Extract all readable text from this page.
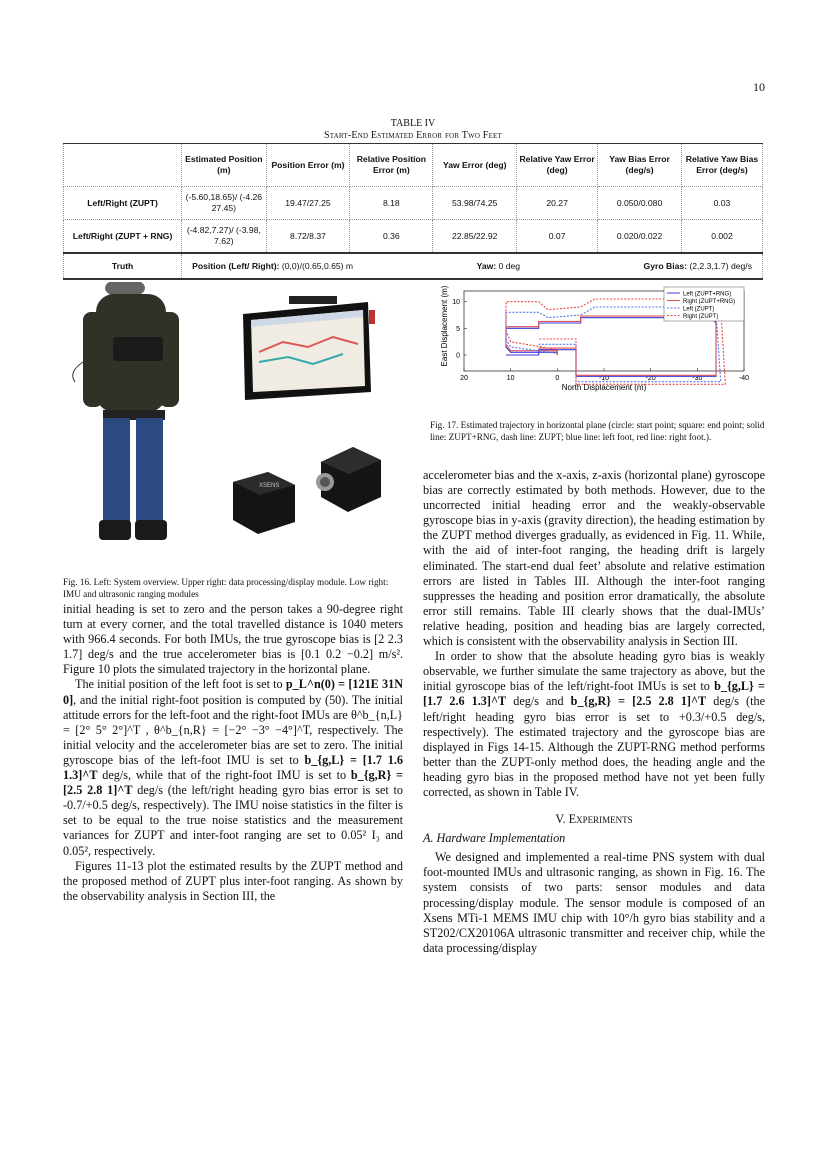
10
TABLE IV
Start-End Estimated Error for Two Feet
	Estimated Position (m)	Position Error (m)	Relative Position Error (m)	Yaw Error (deg)	Relative Yaw Error (deg)	Yaw Bias Error (deg/s)	Relative Yaw Bias Error (deg/s)
Left/Right (ZUPT)	(-5.60,18.65)/ (-4.26 27.45)	19.47/27.25	8.18	53.98/74.25	20.27	0.050/0.080	0.03
Left/Right (ZUPT + RNG)	(-4.82,7.27)/ (-3.98, 7.62)	8.72/8.37	0.36	22.85/22.92	0.07	0.020/0.022	0.002
Truth	Position (Left/ Right): (0,0)/(0.65,0.65) m Yaw: 0 deg Gyro Bias: (2,2.3,1.7) deg/s						
XSENS
20	10	0	-10	-20	-30	-40
0
5
10
North Displacement (m)
East Displacement (m)	Left (ZUPT+RNG)
Right (ZUPT+RNG)
Left (ZUPT)
Right (ZUPT)
Fig. 16. Left: System overview. Upper right: data processing/display module. Low right: IMU and ultrasonic ranging modules
Fig. 17. Estimated trajectory in horizontal plane (circle: start point; square: end point; solid line: ZUPT+RNG, dash line: ZUPT; blue line: left foot, red line: right foot.).

initial heading is set to zero and the person takes a 90-degree right turn at every corner, and the total travelled distance is 1040 meters with 966.4 seconds. For both IMUs, the true gyroscope bias is [2 2.3 1.7] deg/s and the true accelerometer bias is [0.1 0.2 −0.2] m/s². Figure 10 plots the simulated trajectory in the horizontal plane.

The initial position of the left foot is set to p_L^n(0) = [121E 31N 0], and the initial right-foot position is computed by (50). The initial attitude errors for the left-foot and the right-foot IMUs are θ^b_{n,L} = [2° 5° 2°]^T , θ^b_{n,R} = [−2° −3° −4°]^T, respectively. The initial velocity and the accelerometer bias are set to zero. The initial gyroscope bias of the left-foot IMU is set to b_{g,L} = [1.7 1.6 1.3]^T deg/s, while that of the right-foot IMU is set to b_{g,R} = [2.5 2.8 1]^T deg/s (the left/right heading gyro bias error is set to -0.7/+0.5 deg/s, respectively). The IMU noise statistics in the filter is set to be equal to the true noise statistics and the measurement variances for ZUPT and inter-foot ranging are set to 0.05² I₃ and 0.05², respectively.

Figures 11-13 plot the estimated results by the ZUPT method and the proposed method of ZUPT plus inter-foot ranging. As shown by the observability analysis in Section III, the

accelerometer bias and the x-axis, z-axis (horizontal plane) gyroscope bias are correctly estimated by both methods. However, due to the uncorrected initial heading error and the weakly-observable gyroscope bias in y-axis (gravity direction), the heading estimation by the ZUPT method diverges gradually, as evidenced in Fig. 11. While, with the aid of inter-foot ranging, the heading drift is largely eliminated. The start-end dual feet’ absolute and relative estimation errors are listed in Tables III. Although the inter-foot ranging suppresses the heading and position error dramatically, the absolute error still remains. Table III clearly shows that the dual-IMUs’ relative heading, position and heading bias are largely corrected, which is consistent with the observability analysis in Section III.

In order to show that the absolute heading gyro bias is weakly observable, we further simulate the same trajectory as above, but the initial gyroscope bias of the left/right-foot IMUs is set to b_{g,L} = [1.7 2.6 1.3]^T deg/s and b_{g,R} = [2.5 2.8 1]^T deg/s (the left/right heading gyro bias error is set to +0.3/+0.5 deg/s, respectively). The estimated trajectory and the gyroscope bias are displayed in Figs 14-15. Although the ZUPT-RNG method performs better than the ZUPT-only method does, the heading angle and the heading gyro bias in the proposed method have not yet been fully corrected, as shown in Table IV.

V. Experiments

A. Hardware Implementation

We designed and implemented a real-time PNS system with dual foot-mounted IMUs and ultrasonic ranging, as shown in Fig. 16. The system consists of two parts: sensor modules and data processing/display module. The sensor module is composed of an Xsens MTi-1 MEMS IMU chip with 10°/h gyro bias stability and a ST202/CX20106A ultrasonic transmitter and receiver chip, while the data processing/display
